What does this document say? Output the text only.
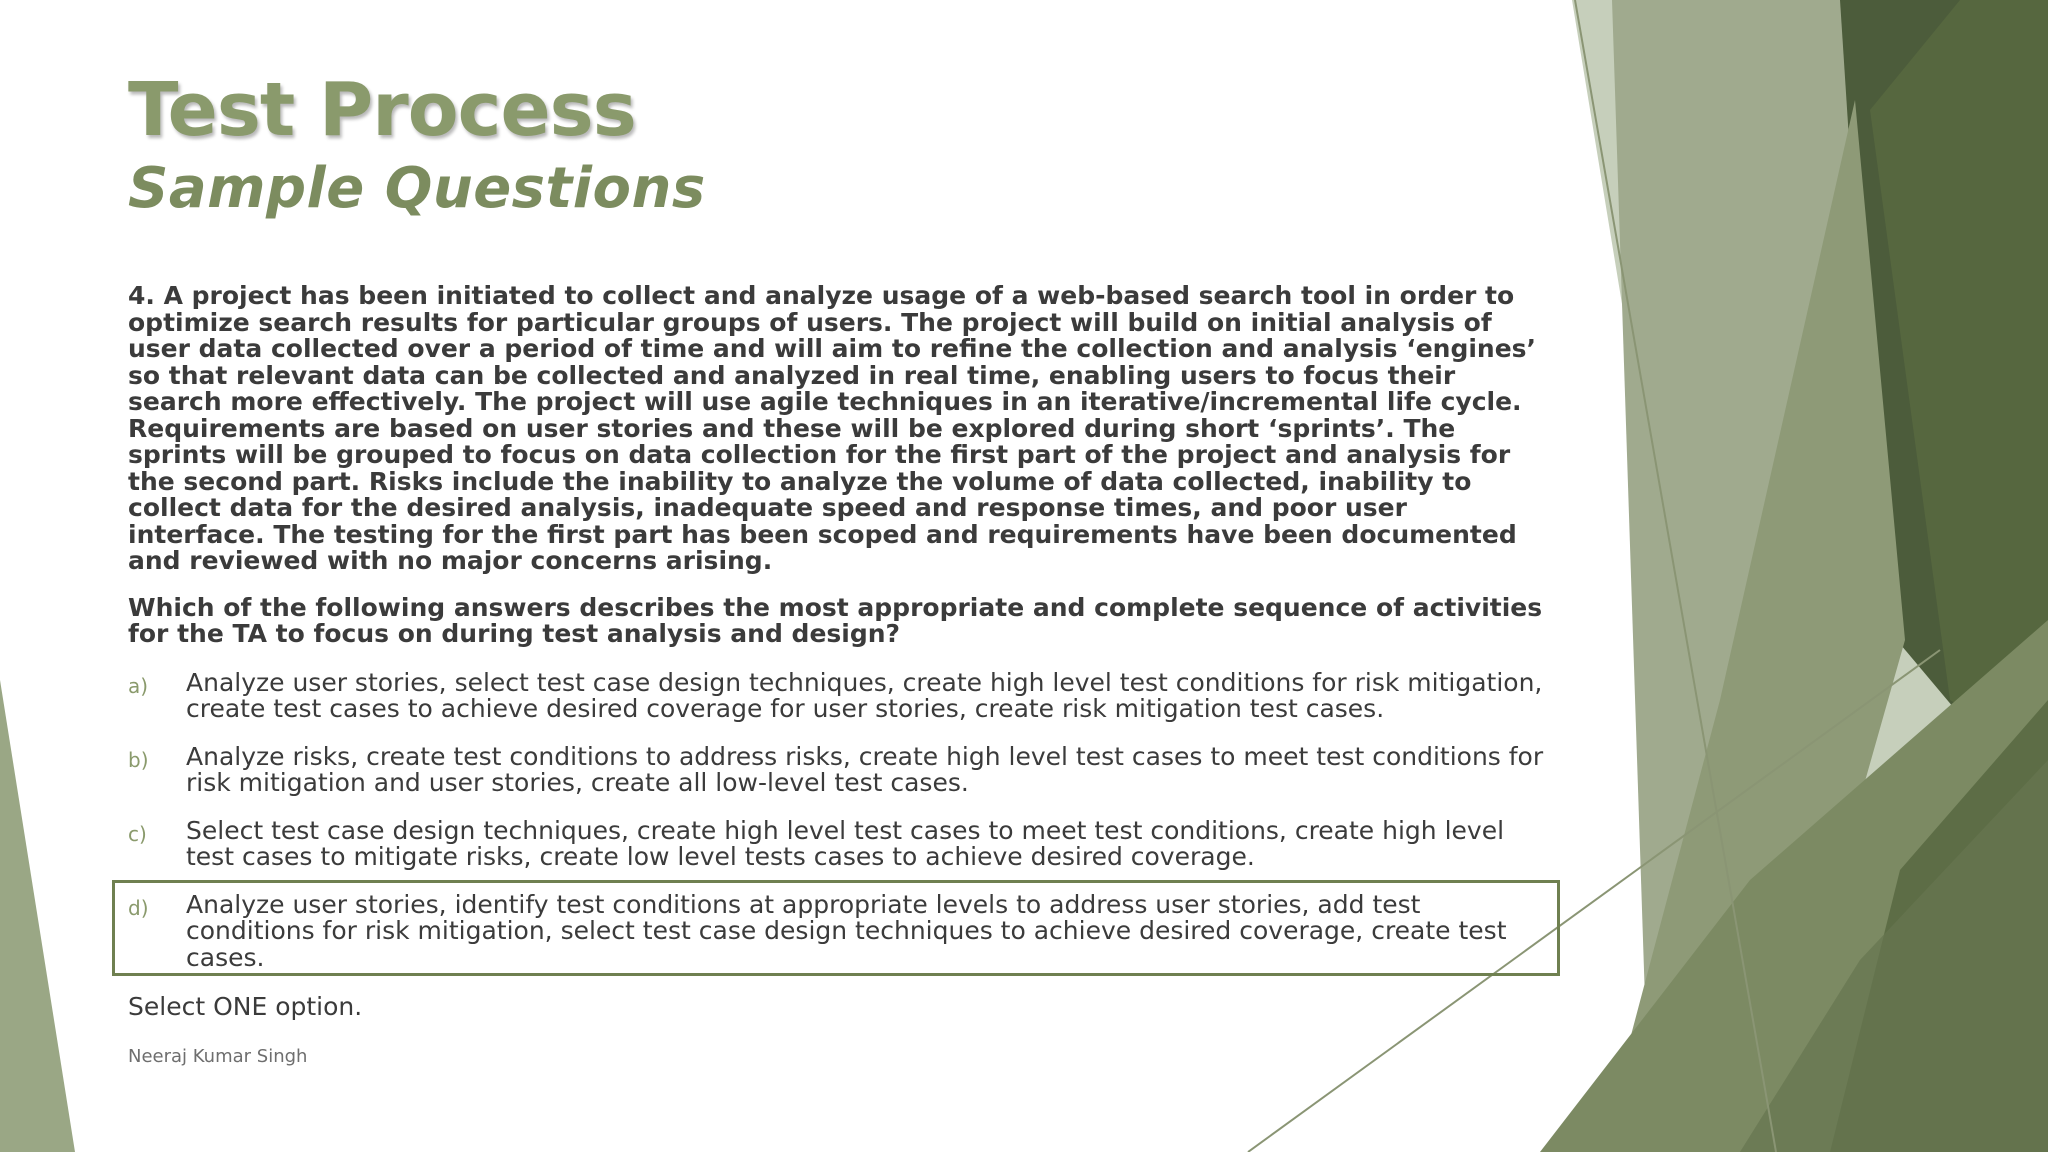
Test Process
Sample Questions

4. A project has been initiated to collect and analyze usage of a web-based search tool in order to optimize search results for particular groups of users. The project will build on initial analysis of user data collected over a period of time and will aim to refine the collection and analysis ‘engines’ so that relevant data can be collected and analyzed in real time, enabling users to focus their search more effectively. The project will use agile techniques in an iterative/incremental life cycle. Requirements are based on user stories and these will be explored during short ‘sprints’. The sprints will be grouped to focus on data collection for the first part of the project and analysis for the second part. Risks include the inability to analyze the volume of data collected, inability to collect data for the desired analysis, inadequate speed and response times, and poor user interface. The testing for the first part has been scoped and requirements have been documented and reviewed with no major concerns arising.

Which of the following answers describes the most appropriate and complete sequence of activities for the TA to focus on during test analysis and design?

a)	Analyze user stories, select test case design techniques, create high level test conditions for risk mitigation, create test cases to achieve desired coverage for user stories, create risk mitigation test cases.
b)	Analyze risks, create test conditions to address risks, create high level test cases to meet test conditions for risk mitigation and user stories, create all low-level test cases.
c)	Select test case design techniques, create high level test cases to meet test conditions, create high level test cases to mitigate risks, create low level tests cases to achieve desired coverage.
d)	Analyze user stories, identify test conditions at appropriate levels to address user stories, add test conditions for risk mitigation, select test case design techniques to achieve desired coverage, create test cases.

Select ONE option.

Neeraj Kumar Singh
